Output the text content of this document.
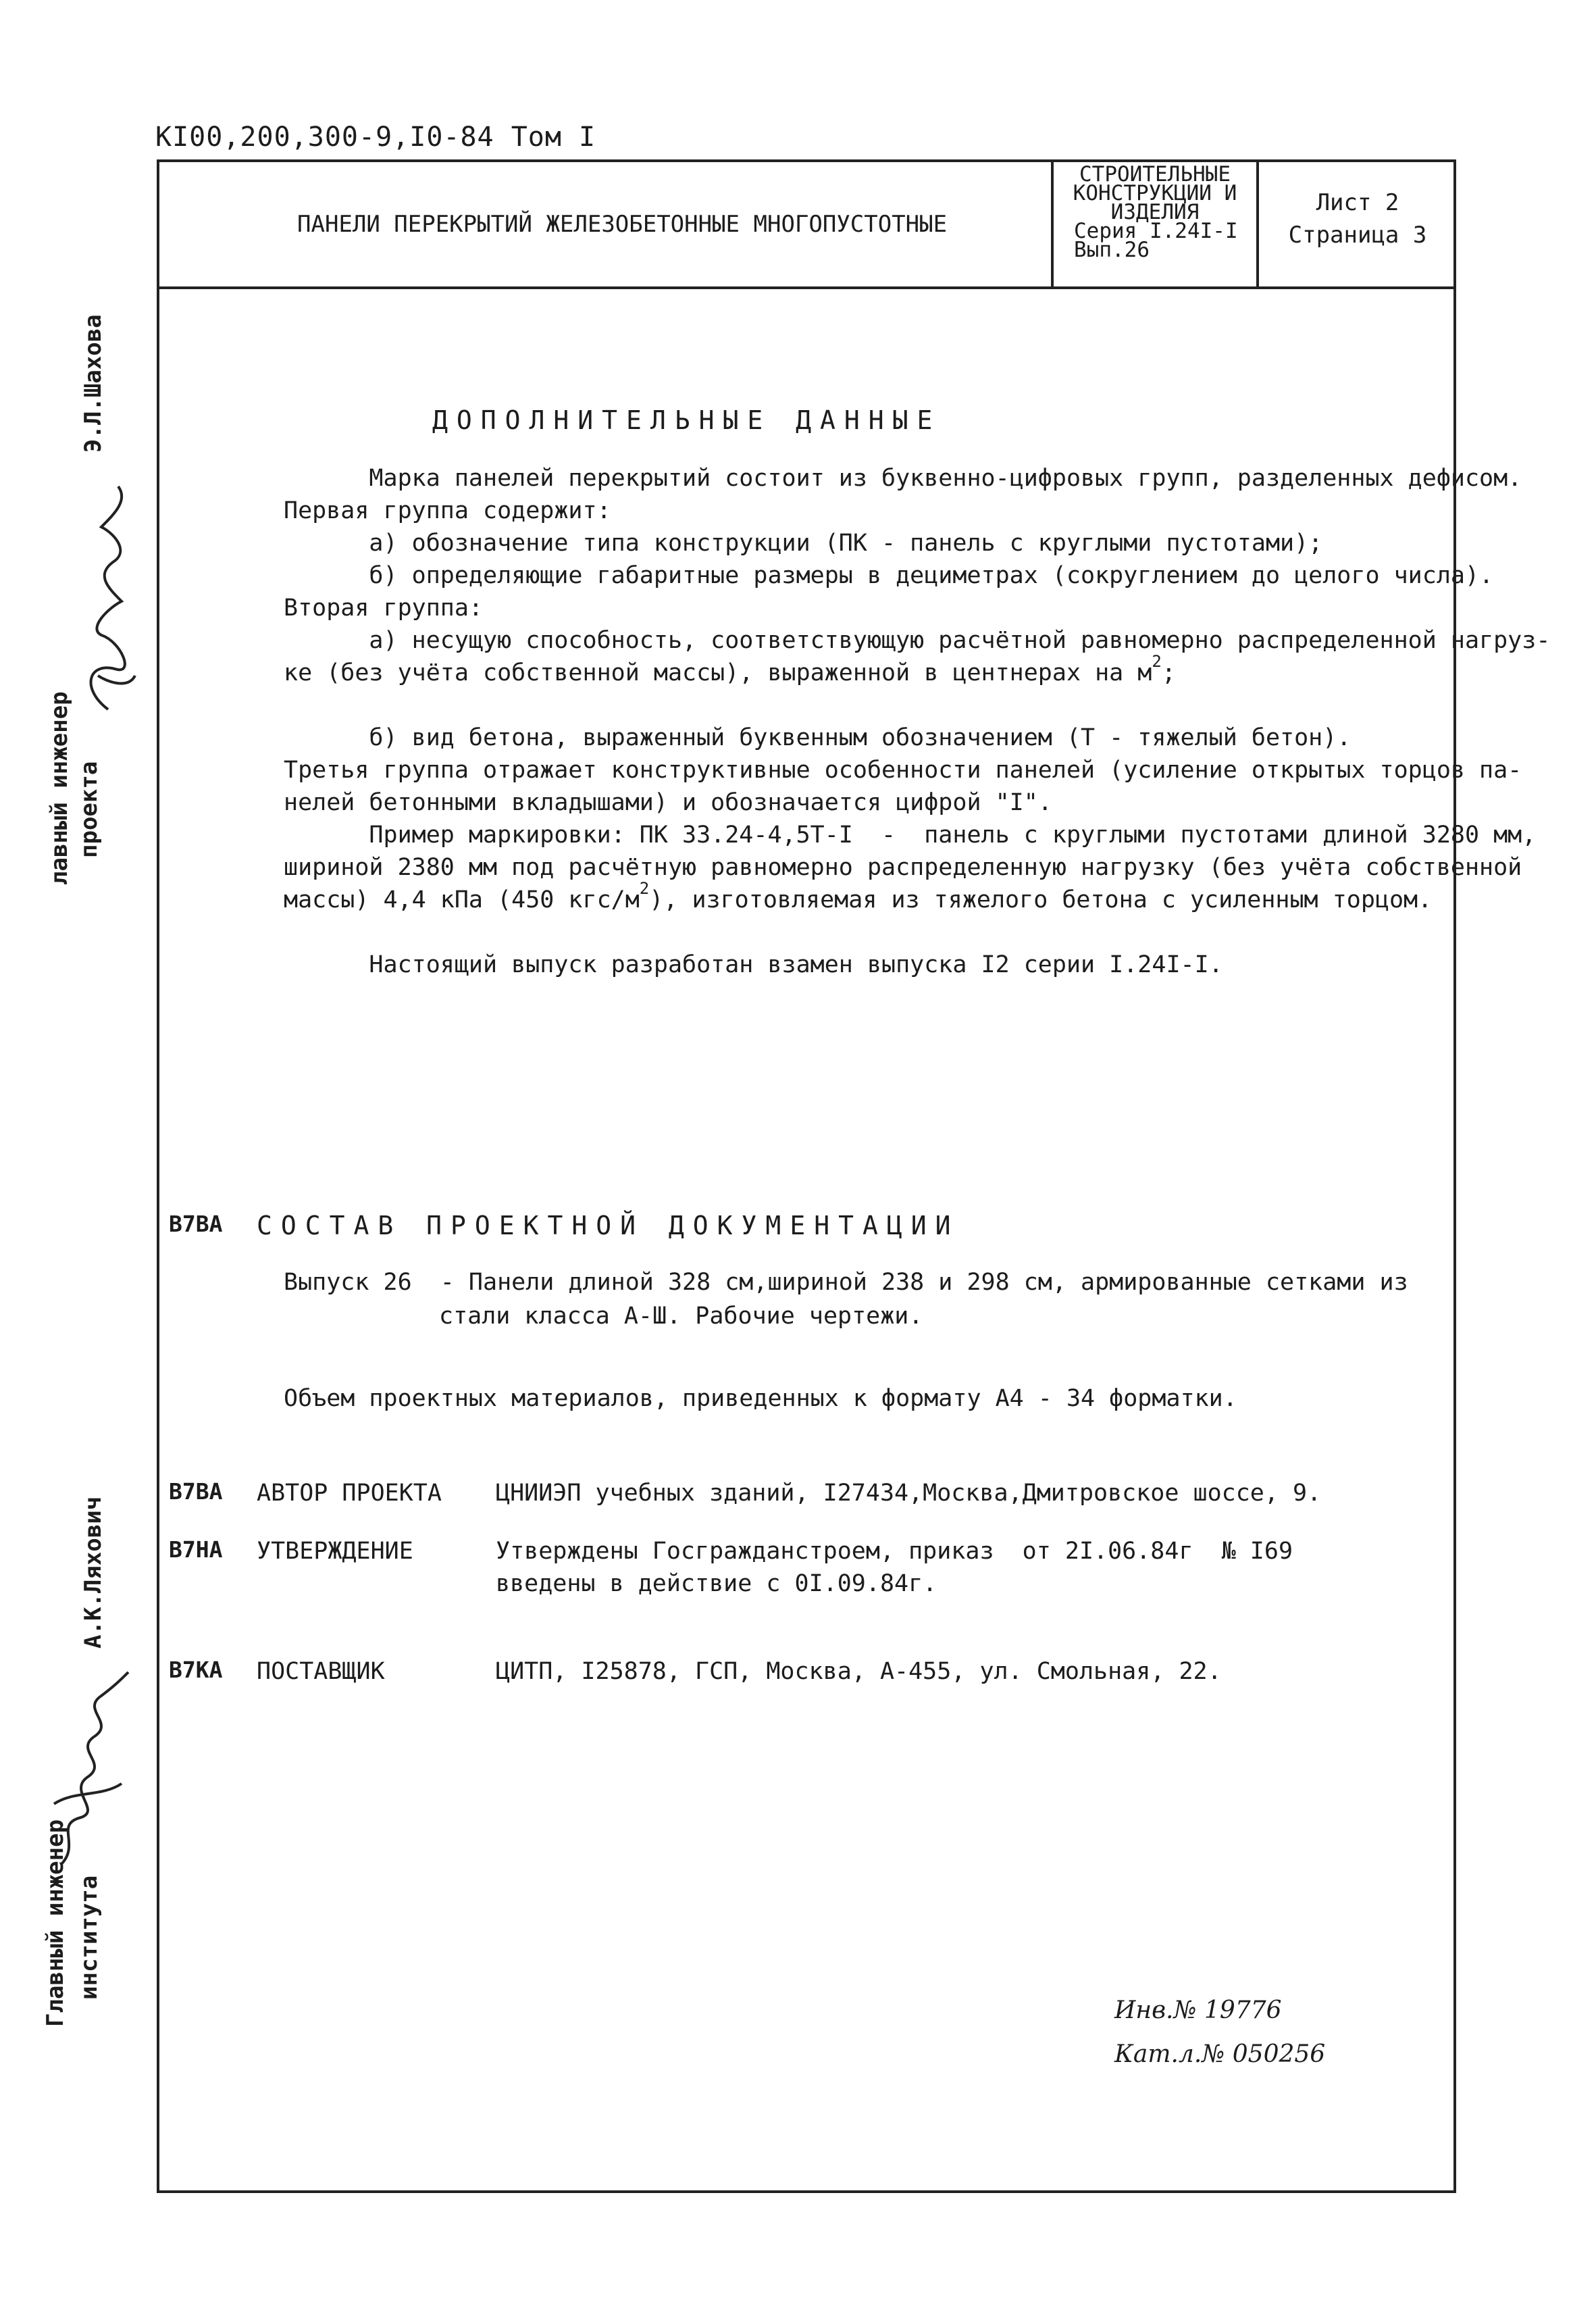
КI00,200,300-9,I0-84 Том I
ПАНЕЛИ ПЕРЕКРЫТИЙ ЖЕЛЕЗОБЕТОННЫЕ МНОГОПУСТОТНЫЕ
СТРОИТЕЛЬНЫЕ
КОНСТРУКЦИИ И
ИЗДЕЛИЯ
Серия I.24I-I
Вып.26
Лист 2
Страница 3
ДОПОЛНИТЕЛЬНЫЕ ДАННЫЕ
Марка панелей перекрытий состоит из буквенно-цифровых групп, разделенных дефисом.
Первая группа содержит:
а) обозначение типа конструкции (ПК - панель с круглыми пустотами);
б) определяющие габаритные размеры в дециметрах (сокруглением до целого числа).
Вторая группа:
а) несущую способность, соответствующую расчётной равномерно распределенной нагруз-
ке (без учёта собственной массы), выраженной в центнерах на $м^2$;
б) вид бетона, выраженный буквенным обозначением (Т - тяжелый бетон).
Третья группа отражает конструктивные особенности панелей (усиление открытых торцов па-
нелей бетонными вкладышами) и обозначается цифрой "I".
Пример маркировки: ПК 33.24-4,5Т-I  -  панель с круглыми пустотами длиной 3280 мм,
шириной 2380 мм под расчётную равномерно распределенную нагрузку (без учёта собственной
массы) 4,4 кПа (450 кгс/$м^2$), изготовляемая из тяжелого бетона с усиленным торцом.
Настоящий выпуск разработан взамен выпуска I2 серии I.24I-I.
В7ВА СОСТАВ ПРОЕКТНОЙ ДОКУМЕНТАЦИИ
Выпуск 26  - Панели длиной 328 см,шириной 238 и 298 см, армированные сетками из
стали класса А-Ш. Рабочие чертежи.
Объем проектных материалов, приведенных к формату А4 - 34 форматки.
В7ВА АВТОР ПРОЕКТА ЦНИИЭП учебных зданий, I27434,Москва,Дмитровское шоссе, 9.
В7НА УТВЕРЖДЕНИЕ	Утверждены Госгражданстроем, приказ  от 2I.06.84г  № I69
введены в действие с 0I.09.84г.
В7КА ПОСТАВЩИК	ЦИТП, I25878, ГСП, Москва, А-455, ул. Смольная, 22.
лавный инженер проекта
Э.Л.Шахова
Главный инженер института
А.К.Ляхович
Инв.№ 19776
Кат.л.№ 050256
